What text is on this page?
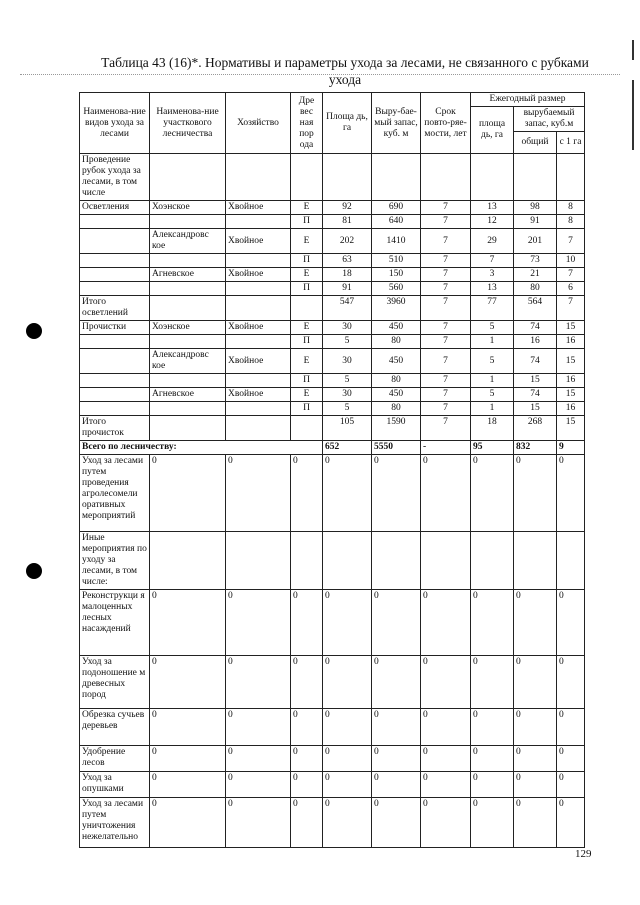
Таблица 43 (16)*. Нормативы и параметры ухода за лесами, не связанного с рубками
ухода
Наименова-ние видов ухода за лесами	Наименова-ние участкового лесничества	Хозяйство	Дре вес ная пор ода	Площа дь, га	Выру-бае-мый запас, куб. м	Срок повто-ряе-мости, лет	Ежегодный размер		
							площа дь, га	вырубаемый запас, куб.м	
								общий	с 1 га
Проведение рубок ухода за лесами, в том числе									
Осветления	Хоэнское	Хвойное	Е	92	690	7	13	98	8
			П	81	640	7	12	91	8
	Александровс кое	Хвойное	Е	202	1410	7	29	201	7
			П	63	510	7	7	73	10
	Агневское	Хвойное	Е	18	150	7	3	21	7
			П	91	560	7	13	80	6
Итого осветлений				547	3960	7	77	564	7
Прочистки	Хоэнское	Хвойное	Е	30	450	7	5	74	15
			П	5	80	7	1	16	16
	Александровс кое	Хвойное	Е	30	450	7	5	74	15
			П	5	80	7	1	15	16
	Агневское	Хвойное	Е	30	450	7	5	74	15
			П	5	80	7	1	15	16
Итого прочисток				105	1590	7	18	268	15
Всего по лесничеству:				652	5550	-	95	832	9
Уход за лесами путем проведения агролесомели оративных мероприятий	0	0	0	0	0	0	0	0	0
Иные мероприятия по уходу за лесами, в том числе:									
Реконструкци я малоценных лесных насаждений	0	0	0	0	0	0	0	0	0
Уход за подоношение м древесных пород	0	0	0	0	0	0	0	0	0
Обрезка сучьев деревьев	0	0	0	0	0	0	0	0	0
Удобрение лесов	0	0	0	0	0	0	0	0	0
Уход за опушками	0	0	0	0	0	0	0	0	0
Уход за лесами путем уничтожения нежелательно	0	0	0	0	0	0	0	0	0
129
